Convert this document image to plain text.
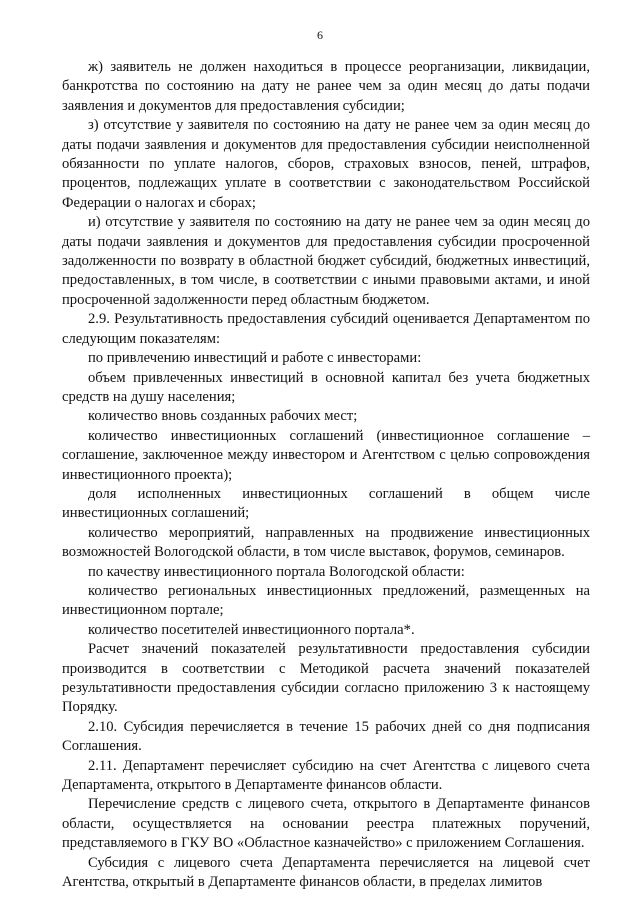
6

ж) заявитель не должен находиться в процессе реорганизации, ликвидации, банкротства по состоянию на дату не ранее чем за один месяц до даты подачи заявления и документов для предоставления субсидии;

з) отсутствие у заявителя по состоянию на дату не ранее чем за один месяц до даты подачи заявления и документов для предоставления субсидии неисполненной обязанности по уплате налогов, сборов, страховых взносов, пеней, штрафов, процентов, подлежащих уплате в соответствии с законодательством Российской Федерации о налогах и сборах;

и) отсутствие у заявителя по состоянию на дату не ранее чем за один месяц до даты подачи заявления и документов для предоставления субсидии просроченной задолженности по возврату в областной бюджет субсидий, бюджетных инвестиций, предоставленных, в том числе, в соответствии с иными правовыми актами, и иной просроченной задолженности перед областным бюджетом.

2.9. Результативность предоставления субсидий оценивается Департаментом по следующим показателям:

по привлечению инвестиций и работе с инвесторами:

объем привлеченных инвестиций в основной капитал без учета бюджетных средств на душу населения;

количество вновь созданных рабочих мест;

количество инвестиционных соглашений (инвестиционное соглашение – соглашение, заключенное между инвестором и Агентством с целью сопровождения инвестиционного проекта);

доля исполненных инвестиционных соглашений в общем числе инвестиционных соглашений;

количество мероприятий, направленных на продвижение инвестиционных возможностей Вологодской области, в том числе выставок, форумов, семинаров.

по качеству инвестиционного портала Вологодской области:

количество региональных инвестиционных предложений, размещенных на инвестиционном портале;

количество посетителей инвестиционного портала*.

Расчет значений показателей результативности предоставления субсидии производится в соответствии с Методикой расчета значений показателей результативности предоставления субсидии согласно приложению 3 к настоящему Порядку.

2.10. Субсидия перечисляется в течение 15 рабочих дней со дня подписания Соглашения.

2.11. Департамент перечисляет субсидию на счет Агентства с лицевого счета Департамента, открытого в Департаменте финансов области.

Перечисление средств с лицевого счета, открытого в Департаменте финансов области, осуществляется на основании реестра платежных поручений, представляемого в ГКУ ВО «Областное казначейство» с приложением Соглашения.

Субсидия с лицевого счета Департамента перечисляется на лицевой счет Агентства, открытый в Департаменте финансов области, в пределах лимитов
